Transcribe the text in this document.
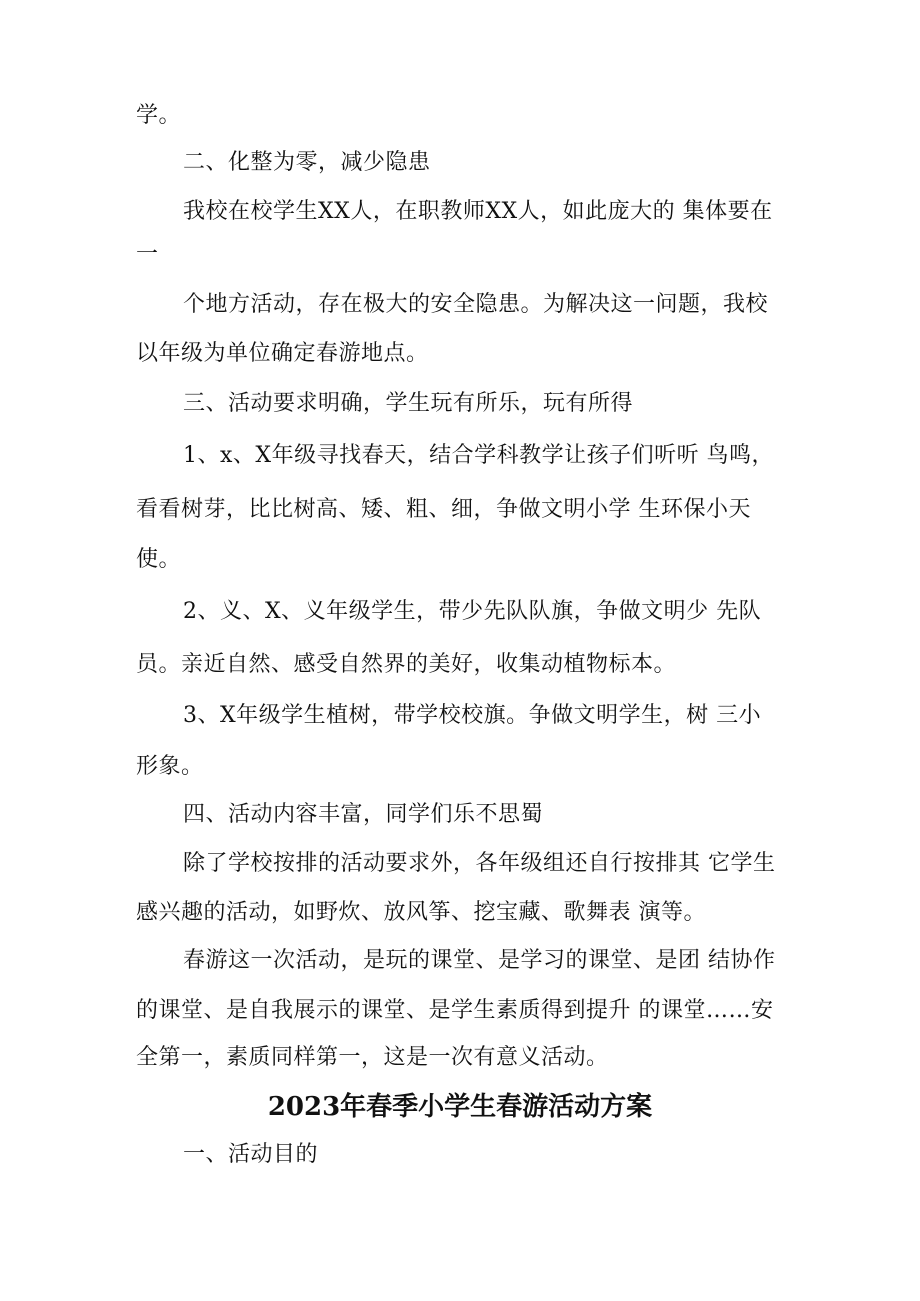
学。
二、化整为零，减少隐患
我校在校学生XX人，在职教师XX人，如此庞大的 集体要在
一
个地方活动，存在极大的安全隐患。为解决这一问题，我校
以年级为单位确定春游地点。
三、活动要求明确，学生玩有所乐，玩有所得
1、x、X年级寻找春天，结合学科教学让孩子们听听 鸟鸣，
看看树芽，比比树高、矮、粗、细，争做文明小学 生环保小天
使。
2、义、X、义年级学生，带少先队队旗，争做文明少 先队
员。亲近自然、感受自然界的美好，收集动植物标本。
3、X年级学生植树，带学校校旗。争做文明学生，树 三小
形象。
四、活动内容丰富，同学们乐不思蜀
除了学校按排的活动要求外，各年级组还自行按排其 它学生
感兴趣的活动，如野炊、放风筝、挖宝藏、歌舞表 演等。
春游这一次活动，是玩的课堂、是学习的课堂、是团 结协作
的课堂、是自我展示的课堂、是学生素质得到提升 的课堂……安
全第一，素质同样第一，这是一次有意义活动。
2023年春季小学生春游活动方案
一、活动目的
